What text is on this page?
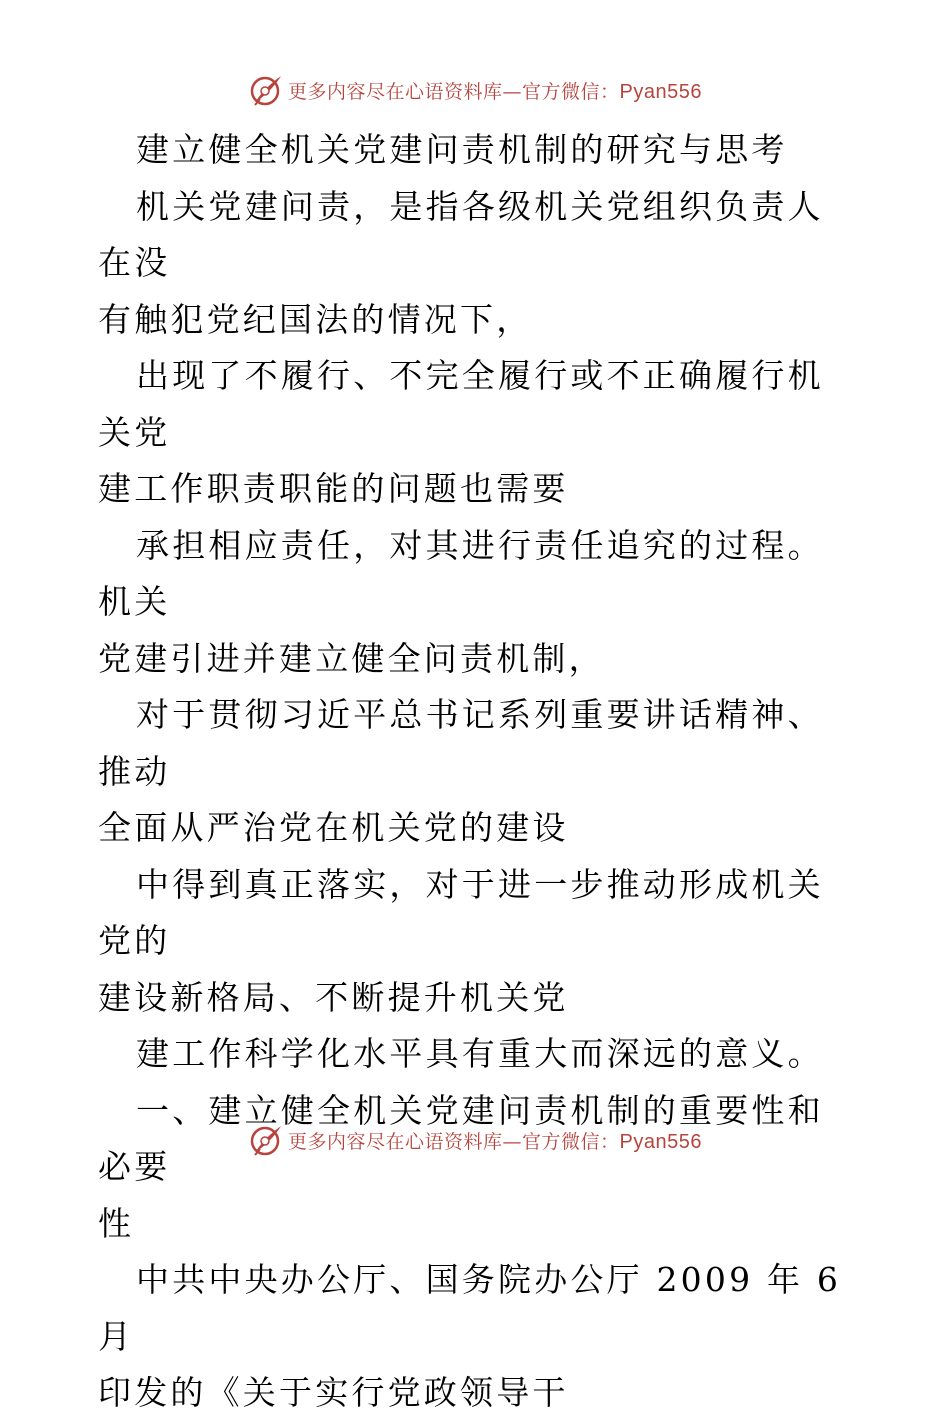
更多内容尽在心语资料库—官方微信：Pyan556

建立健全机关党建问责机制的研究与思考

机关党建问责，是指各级机关党组织负责人在没

有触犯党纪国法的情况下，

出现了不履行、不完全履行或不正确履行机关党

建工作职责职能的问题也需要

承担相应责任，对其进行责任追究的过程。机关

党建引进并建立健全问责机制，

对于贯彻习近平总书记系列重要讲话精神、推动

全面从严治党在机关党的建设

中得到真正落实，对于进一步推动形成机关党的

建设新格局、不断提升机关党

建工作科学化水平具有重大而深远的意义。

一、建立健全机关党建问责机制的重要性和必要

性

中共中央办公厅、国务院办公厅 2009 年 6 月

印发的《关于实行党政领导干

更多内容尽在心语资料库—官方微信：Pyan556
